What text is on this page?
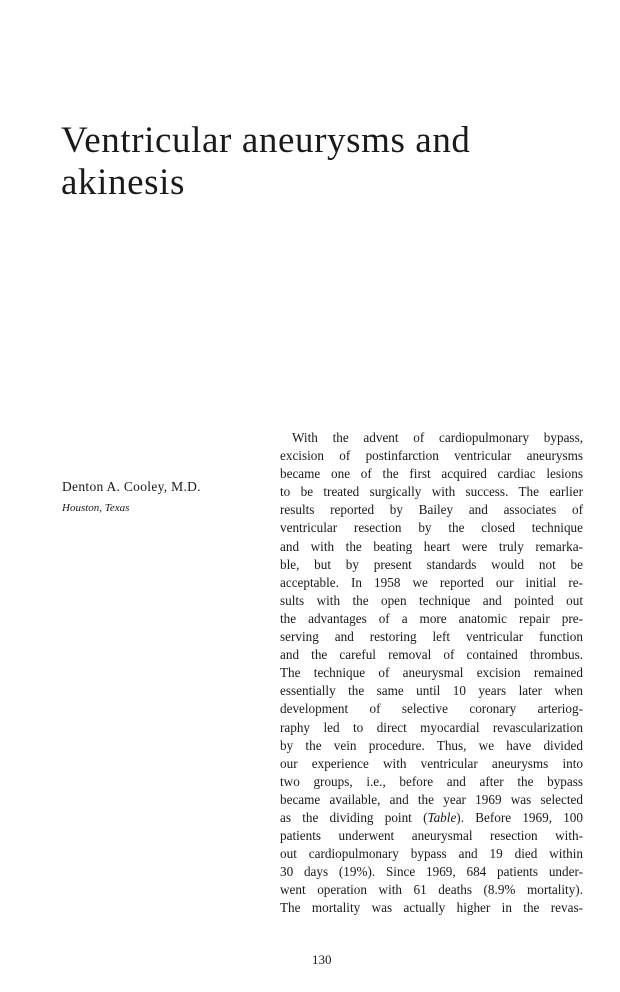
Ventricular aneurysms and
akinesis

Denton A. Cooley, M.D.

Houston, Texas

With the advent of cardiopulmonary bypass,
excision of postinfarction ventricular aneurysms
became one of the first acquired cardiac lesions
to be treated surgically with success. The earlier
results reported by Bailey and associates of
ventricular resection by the closed technique
and with the beating heart were truly remarka-
ble, but by present standards would not be
acceptable. In 1958 we reported our initial re-
sults with the open technique and pointed out
the advantages of a more anatomic repair pre-
serving and restoring left ventricular function
and the careful removal of contained thrombus.
The technique of aneurysmal excision remained
essentially the same until 10 years later when
development of selective coronary arteriog-
raphy led to direct myocardial revascularization
by the vein procedure. Thus, we have divided
our experience with ventricular aneurysms into
two groups, i.e., before and after the bypass
became available, and the year 1969 was selected
as the dividing point (Table). Before 1969, 100
patients underwent aneurysmal resection with-
out cardiopulmonary bypass and 19 died within
30 days (19%). Since 1969, 684 patients under-
went operation with 61 deaths (8.9% mortality).
The mortality was actually higher in the revas-

130
